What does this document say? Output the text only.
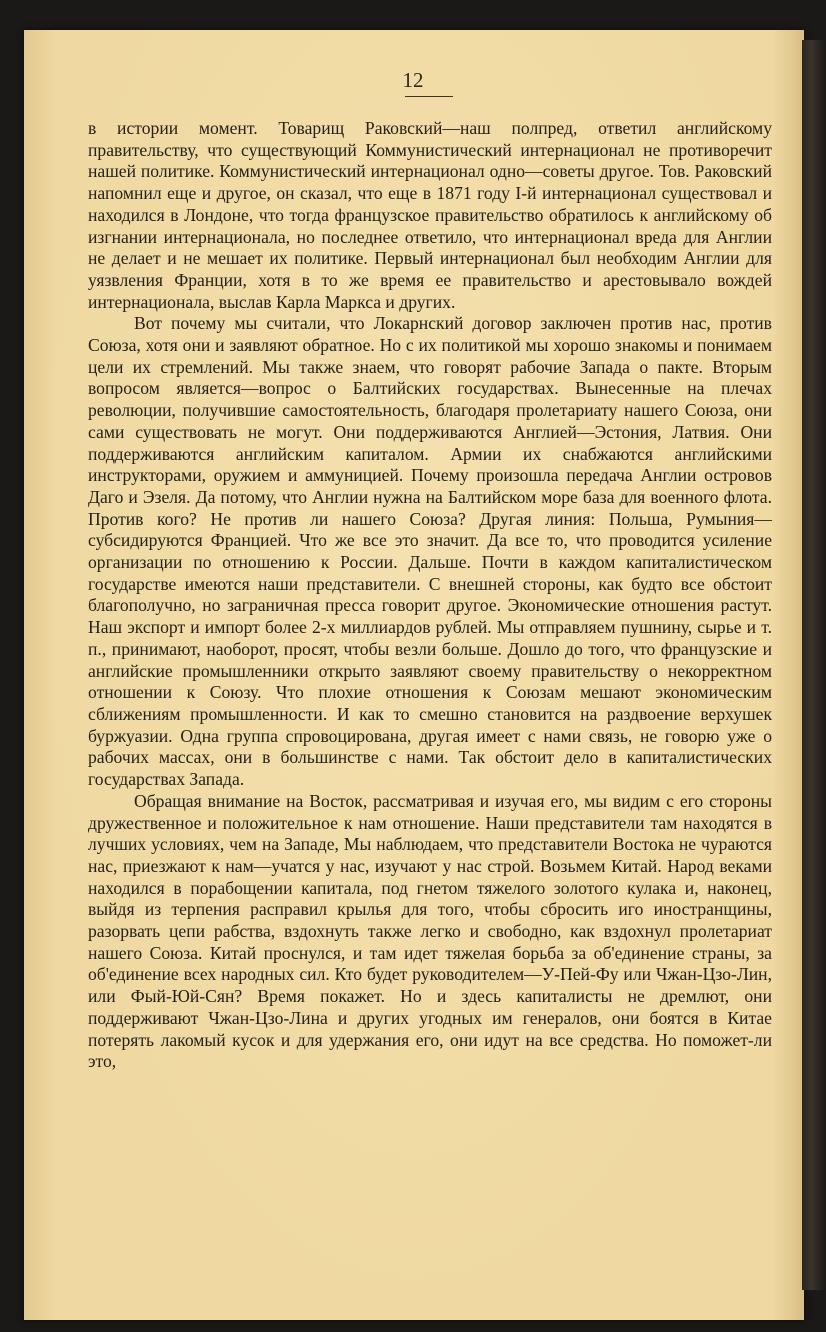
12

в истории момент. Товарищ Раковский—наш полпред, ответил английскому правительству, что существующий Коммунистический интернационал не противоречит нашей политике. Коммунистический интернационал одно—советы другое. Тов. Раковский напомнил еще и другое, он сказал, что еще в 1871 году I-й интернационал существовал и находился в Лондоне, что тогда французское правительство обратилось к английскому об изгнании интернационала, но последнее ответило, что интернационал вреда для Англии не делает и не мешает их политике. Первый интернационал был необходим Англии для уязвления Франции, хотя в то же время ее правительство и арестовывало вождей интернационала, выслав Карла Маркса и других.

Вот почему мы считали, что Локарнский договор заключен против нас, против Союза, хотя они и заявляют обратное. Но с их политикой мы хорошо знакомы и понимаем цели их стремлений. Мы также знаем, что говорят рабочие Запада о пакте. Вторым вопросом является—вопрос о Балтийских государствах. Вынесенные на плечах революции, получившие самостоятельность, благодаря пролетариату нашего Союза, они сами существовать не могут. Они поддерживаются Англией—Эстония, Латвия. Они поддерживаются английским капиталом. Армии их снабжаются английскими инструкторами, оружием и аммуницией. Почему произошла передача Англии островов Даго и Эзеля. Да потому, что Англии нужна на Балтийском море база для военного флота. Против кого? Не против ли нашего Союза? Другая линия: Польша, Румыния—субсидируются Францией. Что же все это значит. Да все то, что проводится усиление организации по отношению к России. Дальше. Почти в каждом капиталистическом государстве имеются наши представители. С внешней стороны, как будто все обстоит благополучно, но заграничная пресса говорит другое. Экономические отношения растут. Наш экспорт и импорт более 2-х миллиардов рублей. Мы отправляем пушнину, сырье и т. п., принимают, наоборот, просят, чтобы везли больше. Дошло до того, что французские и английские промышленники открыто заявляют своему правительству о некорректном отношении к Союзу. Что плохие отношения к Союзам мешают экономическим сближениям промышленности. И как то смешно становится на раздвоение верхушек буржуазии. Одна группа спровоцирована, другая имеет с нами связь, не говорю уже о рабочих массах, они в большинстве с нами. Так обстоит дело в капиталистических государствах Запада.

Обращая внимание на Восток, рассматривая и изучая его, мы видим с его стороны дружественное и положительное к нам отношение. Наши представители там находятся в лучших условиях, чем на Западе, Мы наблюдаем, что представители Востока не чураются нас, приезжают к нам—учатся у нас, изучают у нас строй. Возьмем Китай. Народ веками находился в порабощении капитала, под гнетом тяжелого золотого кулака и, наконец, выйдя из терпения расправил крылья для того, чтобы сбросить иго иностранщины, разорвать цепи рабства, вздохнуть также легко и свободно, как вздохнул пролетариат нашего Союза. Китай проснулся, и там идет тяжелая борьба за об'единение страны, за об'единение всех народных сил. Кто будет руководителем—У-Пей-Фу или Чжан-Цзо-Лин, или Фый-Юй-Сян? Время покажет. Но и здесь капиталисты не дремлют, они поддерживают Чжан-Цзо-Лина и других угодных им генералов, они боятся в Китае потерять лакомый кусок и для удержания его, они идут на все средства. Но поможет-ли это,
